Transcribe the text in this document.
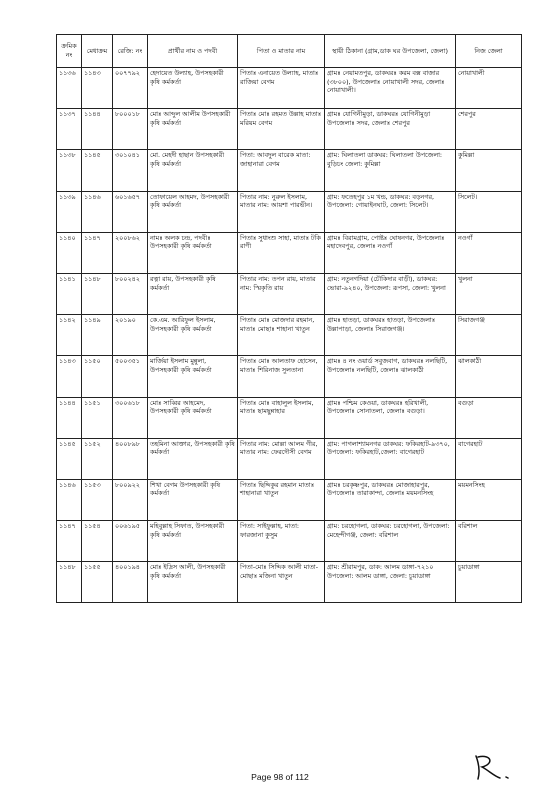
ক্রমিক নং	মেধাক্রম	রেজি: নং	প্রার্থীর নাম ও পদবী	পিতা ও মাতার নাম	স্থায়ী ঠিকানা (গ্রাম,ডাক ঘর উপজেলা, জেলা)	নিজ জেলা
১১৩৬	১১৪৩	০০৭৭৯২	হেদায়েত উল্যাহ, উপসহকারী কৃষি কর্মকর্তা	পিতাঃ এনায়েত উল্যাহ, মাতাঃ রাজিয়া বেগম	গ্রামঃ নেয়ামতপুর, ডাকঘরঃ করম বক্স বাজার (৩৮০০), উপজেলাঃ নোয়াখালী সদর, জেলাঃ নোয়াখালী।	নোয়াখালী
১১৩৭	১১৪৪	৮০০০১৮	মোঃ আব্দুল আলীম উপসহকারী কৃষি কর্মকর্তা	পিতাঃ মোঃ রহমত উল্লাহ মাতাঃ মরিয়ম বেগম	গ্রামঃ যোগিনীমুড়া, ডাকঘরঃ যোগিনীমুড়া উপজেলাঃ সদর, জেলাঃ শেরপুর	শেরপুর
১১৩৮	১১৪৫	৩০১০৪১	মো. মেহদী হাছান উপসহকারী কৃষি কর্মকর্তা	পিতা: আবদুল বারেক মাতা: জাহানারা বেগম	গ্রাম: ঘিলাতলা ডাকঘর: ঘিলাতলা উপজেলা: বুড়িচং জেলা: কুমিল্লা	কুমিল্লা
১১৩৯	১১৪৬	৬০১৬৫৭	তোফায়েল আহমদ, উপসহকারী কৃষি কর্মকর্তা	পিতার নাম: নুরুল ইসলাম, মাতার নাম: আয়শা পারভীন।	গ্রাম: ফতেহপুর ১ম খন্ড, ডাকঘর: বড়নগর, উপজেলা: গোয়াইনঘাট, জেলা: সিলেট।	সিলেট।
১১৪০	১১৪৭	২০০৮৬২	নামঃ অলক চন্দ্র, পদবীঃ উপসহকারী কৃষি কর্মকর্তা	পিতাঃ সুধাংশু সাহা, মাতাঃ টকি রাণী	গ্রামঃ বিরামগ্রাম, পোষ্টঃ ঘোষনগর, উপজেলাঃ মহাদেবপুর, জেলাঃ নওগাঁ	নওগাঁ
১১৪১	১১৪৮	৮০০২৪২	রত্না রায়, উপসহকারী কৃষি কর্মকর্তা	পিতার নাম: তপন রায়, মাতার নাম: স্মিকৃতি রায়	গ্রাম: নতুনগদিয়া (চৌকিদার বাড়ী), ডাকঘর: ভোরা-৯২৪০, উপজেলা: রূপসা, জেলা: খুলনা	খুলনা
১১৪২	১১৪৯	২০১৯০	কে.এম. আরিফুল ইসলাম, উপসহকারী কৃষি কর্মকর্তা	পিতাঃ মোঃ মোজদার রহমান, মাতাঃ মোছাঃ শাহানা খাতুন	গ্রামঃ হাতড়া, ডাকঘরঃ হাতড়া, উপজেলাঃ উল্লাপাড়া, জেলাঃ সিরাজগঞ্জ।	সিরাজগঞ্জ
১১৪৩	১১৫০	৫০০৩৫১	মার্জিয়া ইসলাম মুন্নুলা, উপসহকারী কৃষি কর্মকর্তা	পিতাঃ মোঃ আলতাফ হোসেন, মাতাঃ শিরিনাজ সুলতানা	গ্রামঃ ৪ নং ওয়ার্ড সবুজবাগ, ডাকঘরঃ নলছিটি, উপজেলাঃ নলছিটি, জেলাঃ ঝালকাঠী	ঝালকাঠী
১১৪৪	১১৫১	৩০০৬১৮	মোঃ সাব্বির আহমেদ, উপসহকারী কৃষি কর্মকর্তা	পিতাঃ মোঃ বাহালুল ইসলাম, মাতাঃ ছামছুন্নাহার	গ্রামঃ পশ্চিম কেওয়া, ডাকঘরঃ হরিখালী, উপজেলাঃ সোনাতলা, জেলাঃ বগুড়া।	বগুড়া
১১৪৫	১১৫২	৪০০৮৯৮	তহমিনা আক্তার, উপসহকারী কৃষি কর্মকর্তা	পিতার নাম: মোল্লা আলম গীর, মাতার নাম: ফেরদৌসী বেগম	গ্রাম: পাগলাশ্যামনগর ডাকঘর: ফকিরহাট-৯৩৭০, উপজেলা: ফকিরহাট,জেলা: বাগেরহাট	বাগেরহাট
১১৪৬	১১৫৩	৮০০৯২২	শিখা বেগম উপসহকারী কৃষি কর্মকর্তা	পিতাঃ ছিদ্দিকুর রহমান মাতাঃ শাহানারা খাতুন	গ্রামঃ চরকৃষ্ণপুর, ডাকঘরঃ মোজাহারপুর, উপজেলাঃ তারাকান্দা, জেলাঃ ময়মনসিংহ	ময়মনসিংহ
১১৪৭	১১৫৪	০০৬১৯৫	মহিবুল্লাহ সিফাত, উপসহকারী কৃষি কর্মকর্তা	পিতা: সাইফুল্লাহ, মাতা: ফারজানা কুসুম	গ্রাম: চরহোগলা, ডাকঘর: চরহোগলা, উপজেলা: মেহেন্দীগঞ্জ, জেলা: বরিশাল	বরিশাল
১১৪৮	১১৫৫	৪০০১৯৪	মোঃ ইদ্রিস আলী, উপসহকারী কৃষি কর্মকর্তা	পিতা-মোঃ সিদ্দিক আলী মাতা-মোছাঃ মজিনা খাতুন	গ্রাম: শ্রীরামপুর, ডাক: আলম ডাঙ্গা-৭২১০ উপজেলা: আলম ডাঙ্গা, জেলা: চুয়াডাঙ্গা	চুয়াডাঙ্গা
Page 98 of 112
